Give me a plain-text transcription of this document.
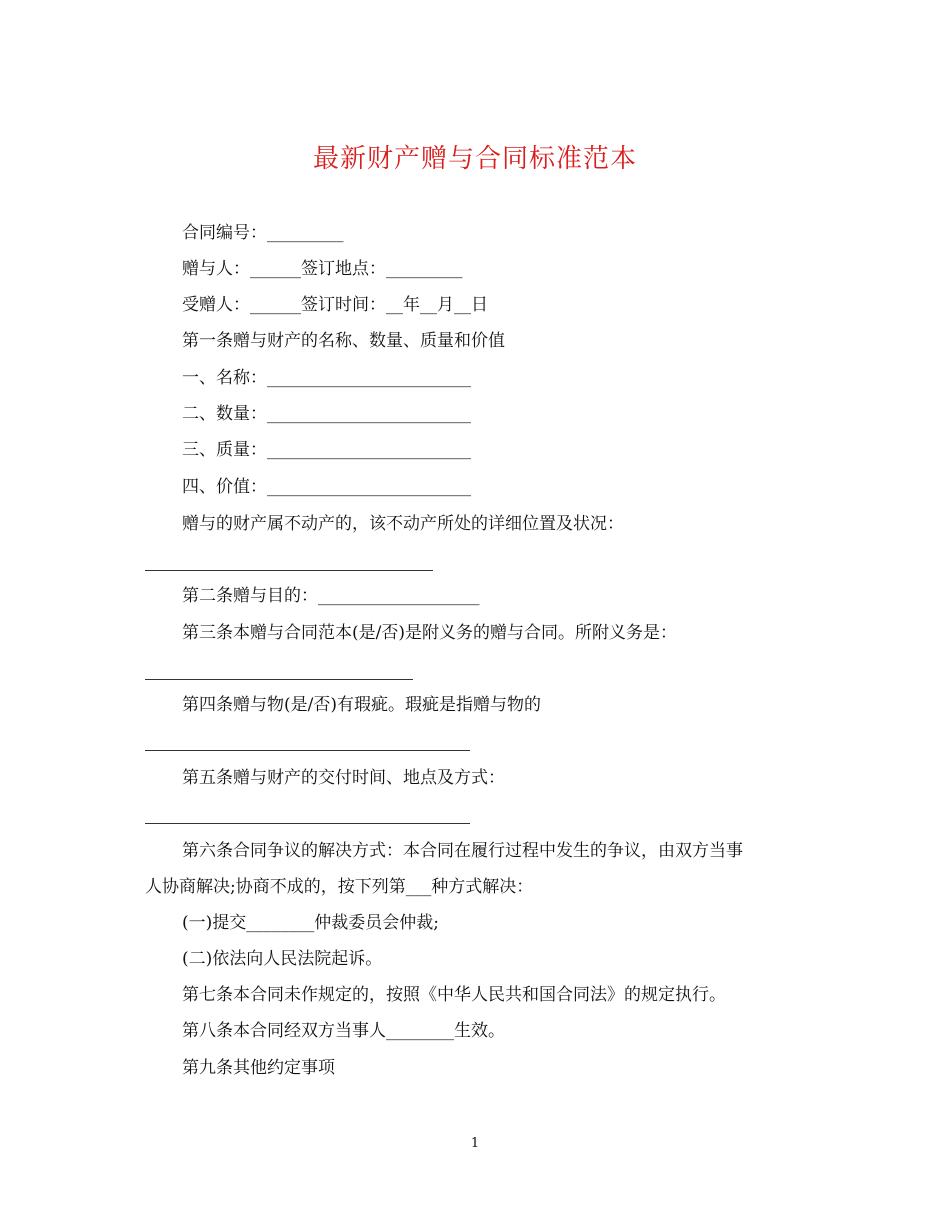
最新财产赠与合同标准范本
合同编号：_________
赠与人：______签订地点：_________
受赠人：______签订时间：__年__月__日
第一条赠与财产的名称、数量、质量和价值
一、名称：________________________
二、数量：________________________
三、质量：________________________
四、价值：________________________
赠与的财产属不动产的，该不动产所处的详细位置及状况：
第二条赠与目的：___________________
第三条本赠与合同范本(是/否)是附义务的赠与合同。所附义务是：
第四条赠与物(是/否)有瑕疵。瑕疵是指赠与物的
第五条赠与财产的交付时间、地点及方式：
第六条合同争议的解决方式：本合同在履行过程中发生的争议，由双方当事
人协商解决;协商不成的，按下列第___种方式解决：
(一)提交________仲裁委员会仲裁;
(二)依法向人民法院起诉。
第七条本合同未作规定的，按照《中华人民共和国合同法》的规定执行。
第八条本合同经双方当事人________生效。
第九条其他约定事项
1
